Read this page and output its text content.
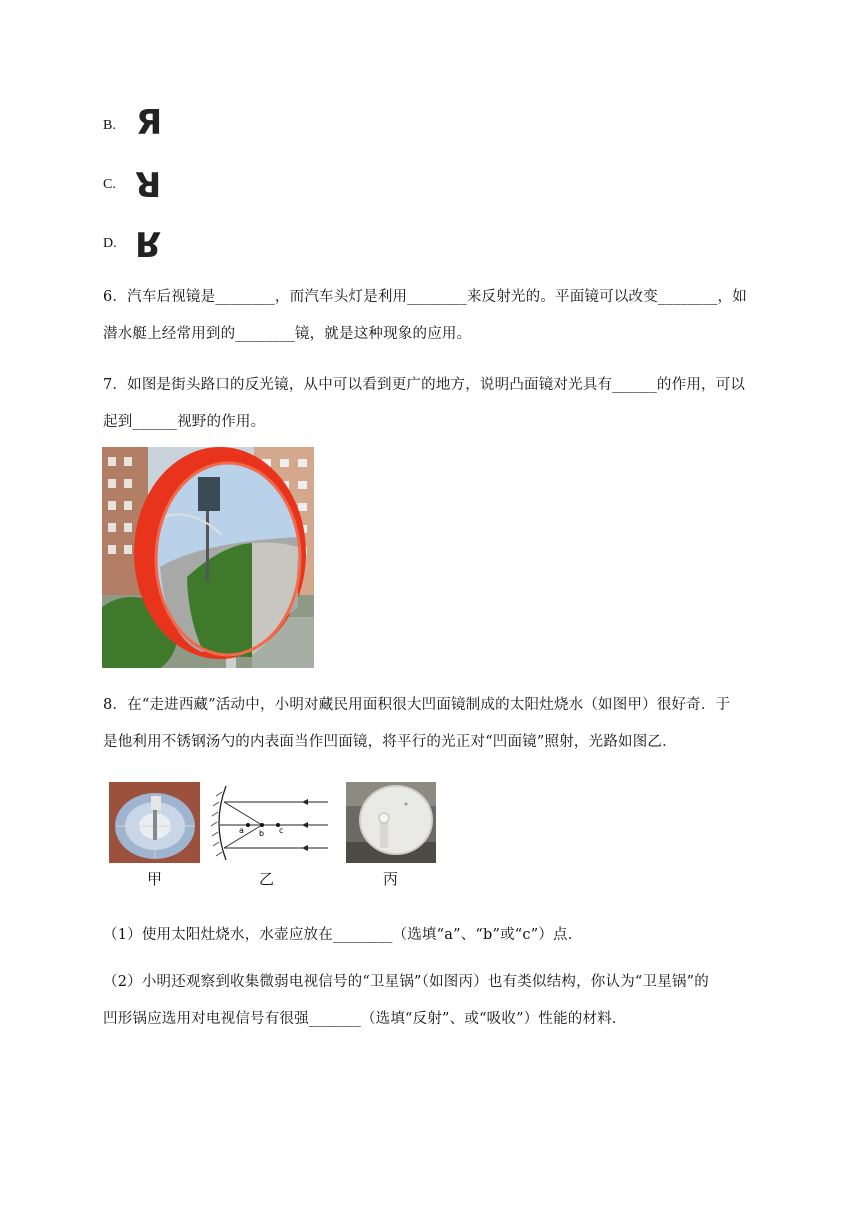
B. Я
C. R
D. R

6．汽车后视镜是________，而汽车头灯是利用________来反射光的。平面镜可以改变________，如

潜水艇上经常用到的________镜，就是这种现象的应用。

7．如图是街头路口的反光镜，从中可以看到更广的地方，说明凸面镜对光具有______的作用，可以

起到______视野的作用。

8．在“走进西藏”活动中，小明对藏民用面积很大凹面镜制成的太阳灶烧水（如图甲）很好奇．于

是他利用不锈钢汤勺的内表面当作凹面镜，将平行的光正对“凹面镜”照射，光路如图乙．

a b c
甲	乙	丙

（1）使用太阳灶烧水，水壶应放在________（选填“a”、“b”或“c”）点．

（2）小明还观察到收集微弱电视信号的“卫星锅”（如图丙）也有类似结构，你认为“卫星锅”的

凹形锅应选用对电视信号有很强_______（选填“反射”、或“吸收”）性能的材料．
